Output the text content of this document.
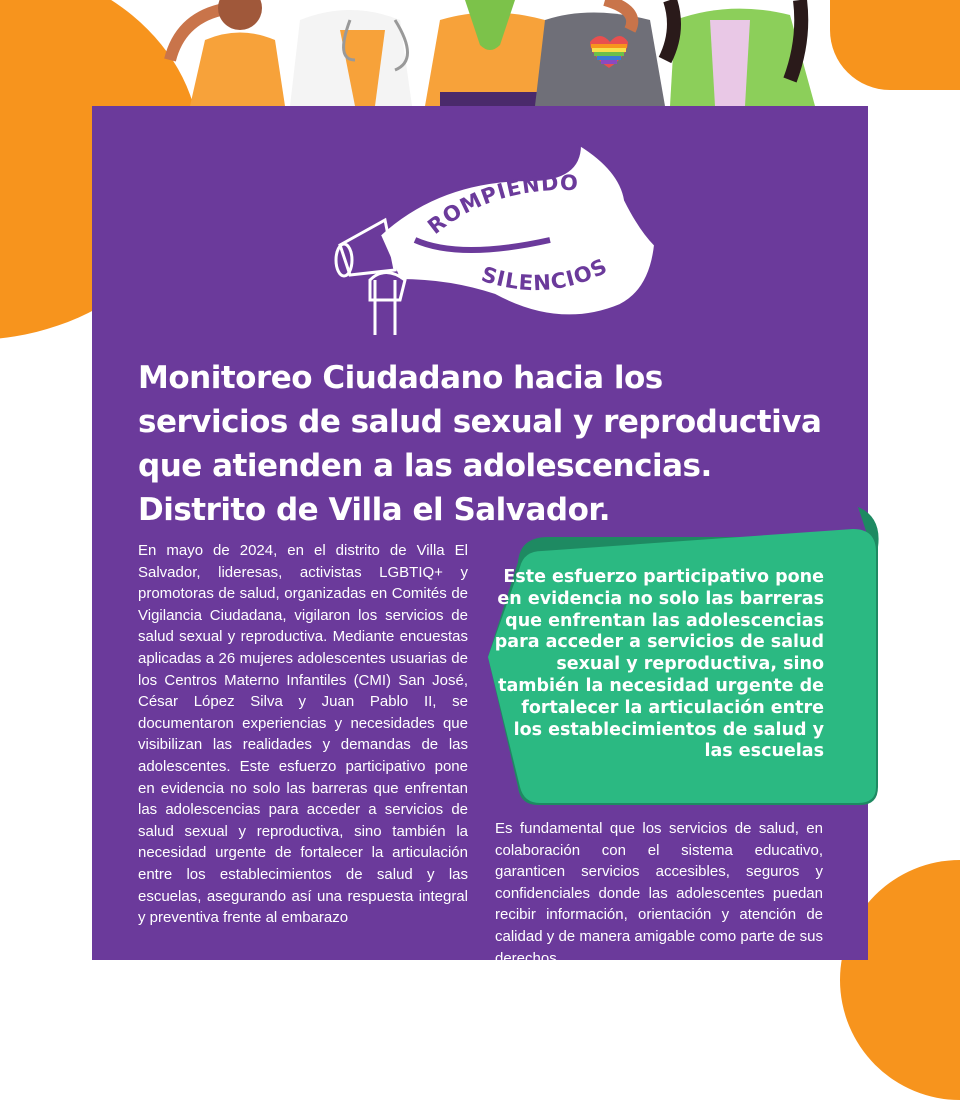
ROMPIENDO
SILENCIOS
Monitoreo Ciudadano hacia los
servicios de salud sexual y reproductiva
que atienden a las adolescencias.
Distrito de Villa el Salvador.

En mayo de 2024, en el distrito de Villa El Salvador, lideresas, activistas LGBTIQ+ y promotoras de salud, organizadas en Comités de Vigilancia Ciudadana, vigilaron los servicios de salud sexual y reproductiva. Mediante encuestas aplicadas a 26 mujeres adolescentes usuarias de los Centros Materno Infantiles (CMI) San José, César López Silva y Juan Pablo II, se documentaron experiencias y necesidades que visibilizan las realidades y demandas de las adolescentes. Este esfuerzo participativo pone en evidencia no solo las barreras que enfrentan las adolescencias para acceder a servicios de salud sexual y reproductiva, sino también la necesidad urgente de fortalecer la articulación entre los establecimientos de salud y las escuelas, asegurando así una respuesta integral y preventiva frente al embarazo

Este esfuerzo participativo pone en evidencia no solo las barreras que enfrentan las adolescencias para acceder a servicios de salud sexual y reproductiva, sino también la necesidad urgente de fortalecer la articulación entre los establecimientos de salud y las escuelas

Es fundamental que los servicios de salud, en colaboración con el sistema educativo, garanticen servicios accesibles, seguros y confidenciales donde las adolescentes puedan recibir información, orientación y atención de calidad y de manera amigable como parte de sus derechos
